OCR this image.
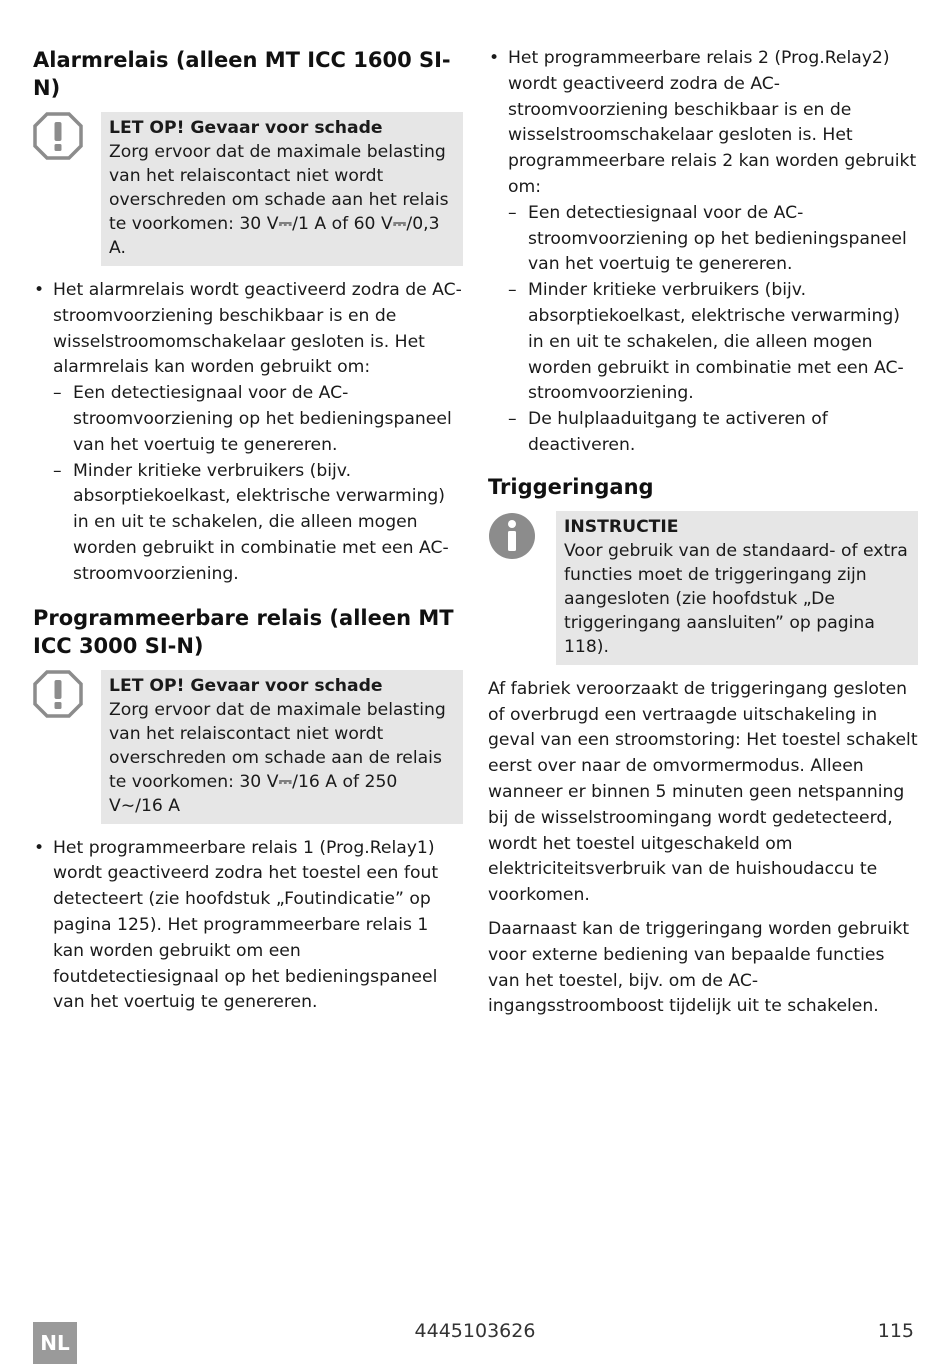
Alarmrelais (alleen MT ICC 1600 SI-N)
LET OP! Gevaar voor schade
Zorg ervoor dat de maximale belasting van het relaiscontact niet wordt overschreden om schade aan het relais te voorkomen: 30 V⎓/1 A of 60 V⎓/0,3 A.
• Het alarmrelais wordt geactiveerd zodra de AC-stroomvoorziening beschikbaar is en de wisselstroomomschakelaar gesloten is. Het alarmrelais kan worden gebruikt om:
– Een detectiesignaal voor de AC-stroomvoorziening op het bedieningspaneel van het voertuig te genereren.
– Minder kritieke verbruikers (bijv. absorptiekoelkast, elektrische verwarming) in en uit te schakelen, die alleen mogen worden gebruikt in combinatie met een AC-stroomvoorziening.
Programmeerbare relais (alleen MT ICC 3000 SI-N)
LET OP! Gevaar voor schade
Zorg ervoor dat de maximale belasting van het relaiscontact niet wordt overschreden om schade aan de relais te voorkomen: 30 V⎓/16 A of 250 V∼/16 A
• Het programmeerbare relais 1 (Prog.Relay1) wordt geactiveerd zodra het toestel een fout detecteert (zie hoofdstuk „Foutindicatie” op pagina 125). Het programmeerbare relais 1 kan worden gebruikt om een foutdetectiesignaal op het bedieningspaneel van het voertuig te genereren.
• Het programmeerbare relais 2 (Prog.Relay2) wordt geactiveerd zodra de AC-stroomvoorziening beschikbaar is en de wisselstroomschakelaar gesloten is. Het programmeerbare relais 2 kan worden gebruikt om:
– Een detectiesignaal voor de AC-stroomvoorziening op het bedieningspaneel van het voertuig te genereren.
– Minder kritieke verbruikers (bijv. absorptiekoelkast, elektrische verwarming) in en uit te schakelen, die alleen mogen worden gebruikt in combinatie met een AC-stroomvoorziening.
– De hulplaaduitgang te activeren of deactiveren.
Triggeringang
INSTRUCTIE
Voor gebruik van de standaard- of extra functies moet de triggeringang zijn aangesloten (zie hoofdstuk „De triggeringang aansluiten” op pagina 118).

Af fabriek veroorzaakt de triggeringang gesloten of overbrugd een vertraagde uitschakeling in geval van een stroomstoring: Het toestel schakelt eerst over naar de omvormermodus. Alleen wanneer er binnen 5 minuten geen netspanning bij de wisselstroomingang wordt gedetecteerd, wordt het toestel uitgeschakeld om elektriciteitsverbruik van de huishoudaccu te voorkomen.

Daarnaast kan de triggeringang worden gebruikt voor externe bediening van bepaalde functies van het toestel, bijv. om de AC-ingangsstroomboost tijdelijk uit te schakelen.

NL	4445103626	115
